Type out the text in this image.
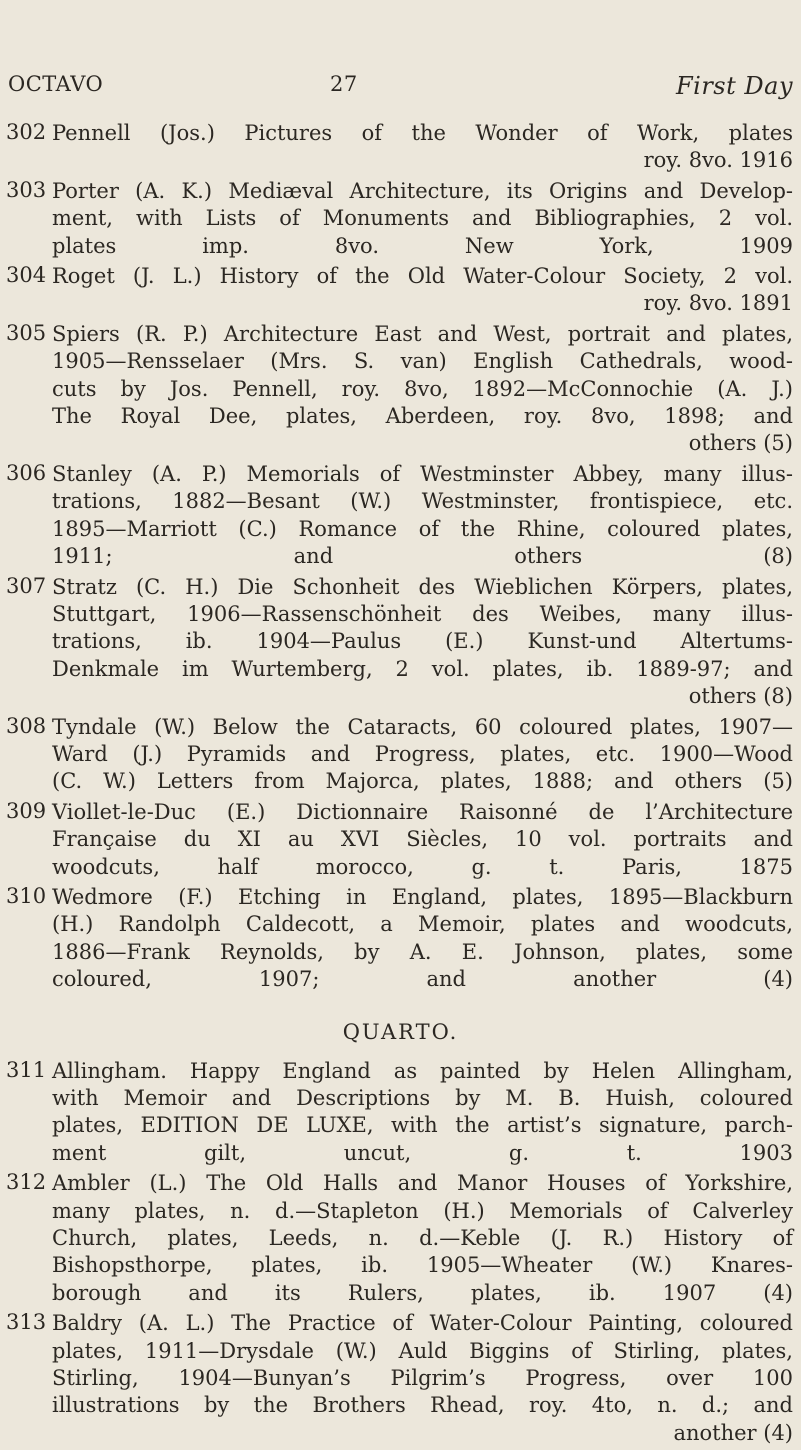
OCTAVO	27	First Day
302 Pennell (Jos.) Pictures of the Wonder of Work, plates
roy. 8vo. 1916
303 Porter (A. K.) Mediæval Architecture, its Origins and Develop-
ment, with Lists of Monuments and Bibliographies, 2 vol.
plates imp. 8vo. New York, 1909
304 Roget (J. L.) History of the Old Water-Colour Society, 2 vol.
roy. 8vo. 1891
305 Spiers (R. P.) Architecture East and West, portrait and plates,
1905—Rensselaer (Mrs. S. van) English Cathedrals, wood-
cuts by Jos. Pennell, roy. 8vo, 1892—McConnochie (A. J.)
The Royal Dee, plates, Aberdeen, roy. 8vo, 1898; and
others (5)
306 Stanley (A. P.) Memorials of Westminster Abbey, many illus-
trations, 1882—Besant (W.) Westminster, frontispiece, etc.
1895—Marriott (C.) Romance of the Rhine, coloured plates,
1911; and others (8)
307 Stratz (C. H.) Die Schonheit des Wieblichen Körpers, plates,
Stuttgart, 1906—Rassenschönheit des Weibes, many illus-
trations, ib. 1904—Paulus (E.) Kunst-und Altertums-
Denkmale im Wurtemberg, 2 vol. plates, ib. 1889-97; and
others (8)
308 Tyndale (W.) Below the Cataracts, 60 coloured plates, 1907—
Ward (J.) Pyramids and Progress, plates, etc. 1900—Wood
(C. W.) Letters from Majorca, plates, 1888; and others (5)
309 Viollet-le-Duc (E.) Dictionnaire Raisonné de l’Architecture
Française du XI au XVI Siècles, 10 vol. portraits and
woodcuts, half morocco, g. t. Paris, 1875
310 Wedmore (F.) Etching in England, plates, 1895—Blackburn
(H.) Randolph Caldecott, a Memoir, plates and woodcuts,
1886—Frank Reynolds, by A. E. Johnson, plates, some
coloured, 1907; and another (4)
QUARTO.
311 Allingham. Happy England as painted by Helen Allingham,
with Memoir and Descriptions by M. B. Huish, coloured
plates, EDITION DE LUXE, with the artist’s signature, parch-
ment gilt, uncut, g. t. 1903
312 Ambler (L.) The Old Halls and Manor Houses of Yorkshire,
many plates, n. d.—Stapleton (H.) Memorials of Calverley
Church, plates, Leeds, n. d.—Keble (J. R.) History of
Bishopsthorpe, plates, ib. 1905—Wheater (W.) Knares-
borough and its Rulers, plates, ib. 1907 (4)
313 Baldry (A. L.) The Practice of Water-Colour Painting, coloured
plates, 1911—Drysdale (W.) Auld Biggins of Stirling, plates,
Stirling, 1904—Bunyan’s Pilgrim’s Progress, over 100
illustrations by the Brothers Rhead, roy. 4to, n. d.; and
another (4)
